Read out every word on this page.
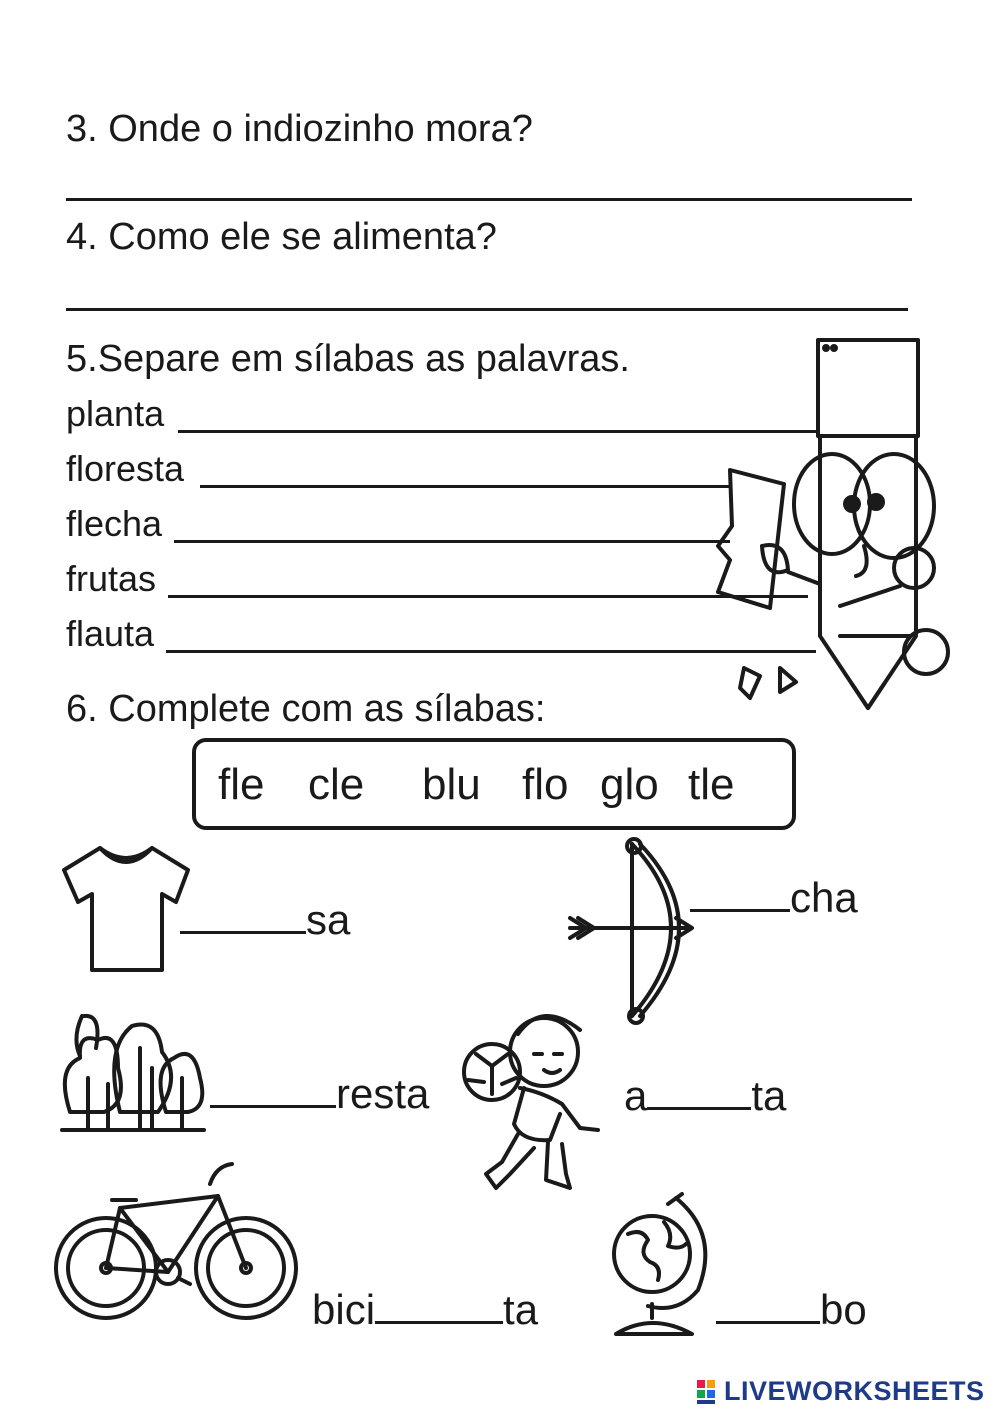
3. Onde o indiozinho mora?
4. Como ele se alimenta?
5.Separe em sílabas as palavras.
planta
floresta
flecha
frutas
flauta
6. Complete com as sílabas:
fle cle blu flo glo tle
sa	cha
resta	a ta
bici	ta	bo
LIVEWORKSHEETS
